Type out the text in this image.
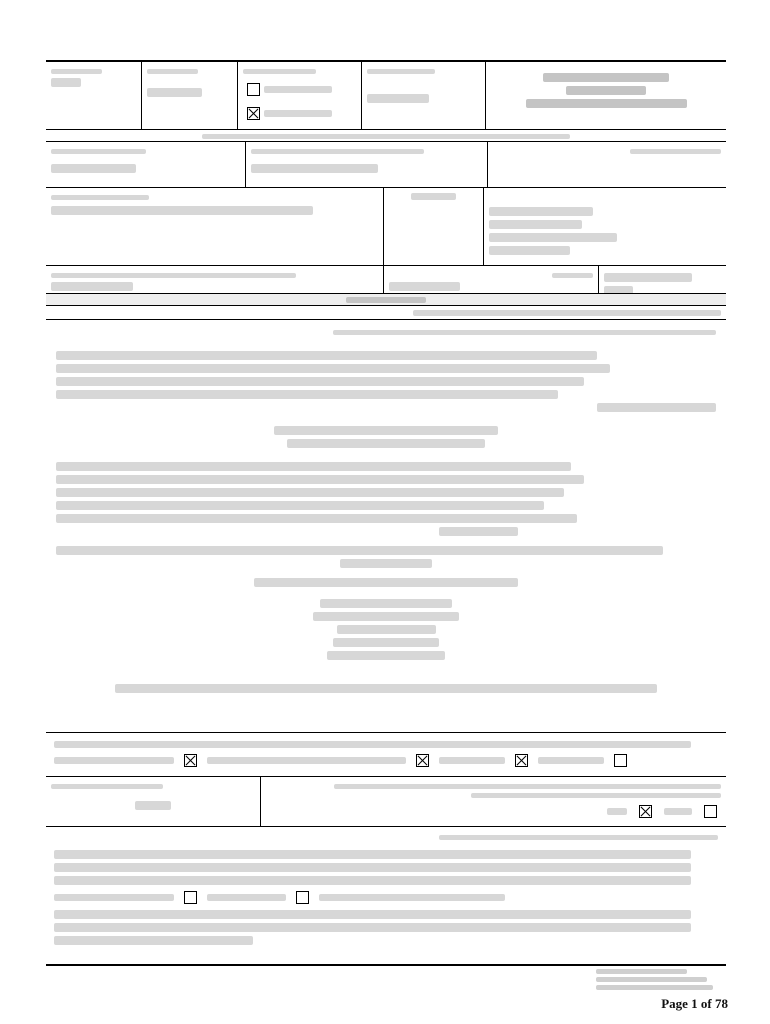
Page 1 of 78
